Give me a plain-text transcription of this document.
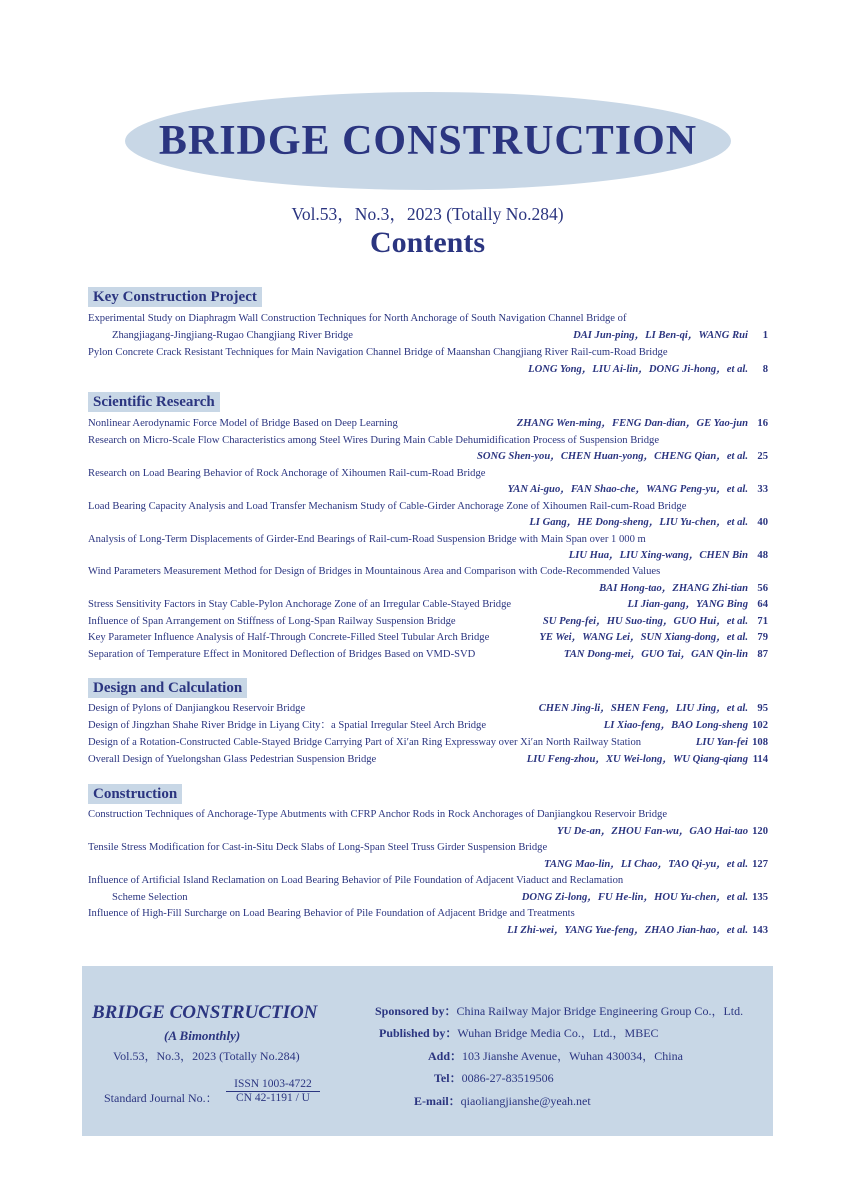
BRIDGE CONSTRUCTION
Vol.53，No.3，2023 (Totally No.284)
Contents
Key Construction Project
Experimental Study on Diaphragm Wall Construction Techniques for North Anchorage of South Navigation Channel Bridge of
Zhangjiagang-Jingjiang-Rugao Changjiang River Bridge	DAI Jun-ping，LI Ben-qi，WANG Rui 1
Pylon Concrete Crack Resistant Techniques for Main Navigation Channel Bridge of Maanshan Changjiang River Rail-cum-Road Bridge
LONG Yong，LIU Ai-lin，DONG Ji-hong，et al. 8
Scientific Research
Nonlinear Aerodynamic Force Model of Bridge Based on Deep Learning	ZHANG Wen-ming，FENG Dan-dian，GE Yao-jun 16
Research on Micro-Scale Flow Characteristics among Steel Wires During Main Cable Dehumidification Process of Suspension Bridge
SONG Shen-you，CHEN Huan-yong，CHENG Qian，et al. 25
Research on Load Bearing Behavior of Rock Anchorage of Xihoumen Rail-cum-Road Bridge
YAN Ai-guo，FAN Shao-che，WANG Peng-yu，et al. 33
Load Bearing Capacity Analysis and Load Transfer Mechanism Study of Cable-Girder Anchorage Zone of Xihoumen Rail-cum-Road Bridge
LI Gang，HE Dong-sheng，LIU Yu-chen，et al. 40
Analysis of Long-Term Displacements of Girder-End Bearings of Rail-cum-Road Suspension Bridge with Main Span over 1 000 m
LIU Hua，LIU Xing-wang，CHEN Bin 48
Wind Parameters Measurement Method for Design of Bridges in Mountainous Area and Comparison with Code-Recommended Values
BAI Hong-tao，ZHANG Zhi-tian 56
Stress Sensitivity Factors in Stay Cable-Pylon Anchorage Zone of an Irregular Cable-Stayed Bridge	LI Jian-gang，YANG Bing 64
Influence of Span Arrangement on Stiffness of Long-Span Railway Suspension Bridge	SU Peng-fei，HU Suo-ting，GUO Hui，et al. 71
Key Parameter Influence Analysis of Half-Through Concrete-Filled Steel Tubular Arch Bridge	YE Wei，WANG Lei，SUN Xiang-dong，et al. 79
Separation of Temperature Effect in Monitored Deflection of Bridges Based on VMD-SVD	TAN Dong-mei，GUO Tai，GAN Qin-lin 87
Design and Calculation
Design of Pylons of Danjiangkou Reservoir Bridge	CHEN Jing-li，SHEN Feng，LIU Jing，et al. 95
Design of Jingzhan Shahe River Bridge in Liyang City：a Spatial Irregular Steel Arch Bridge	LI Xiao-feng，BAO Long-sheng 102
Design of a Rotation-Constructed Cable-Stayed Bridge Carrying Part of Xi′an Ring Expressway over Xi′an North Railway Station	LIU Yan-fei 108
Overall Design of Yuelongshan Glass Pedestrian Suspension Bridge	LIU Feng-zhou，XU Wei-long，WU Qiang-qiang 114
Construction
Construction Techniques of Anchorage-Type Abutments with CFRP Anchor Rods in Rock Anchorages of Danjiangkou Reservoir Bridge
YU De-an，ZHOU Fan-wu，GAO Hai-tao 120
Tensile Stress Modification for Cast-in-Situ Deck Slabs of Long-Span Steel Truss Girder Suspension Bridge
TANG Mao-lin，LI Chao，TAO Qi-yu，et al. 127
Influence of Artificial Island Reclamation on Load Bearing Behavior of Pile Foundation of Adjacent Viaduct and Reclamation
Scheme Selection	DONG Zi-long，FU He-lin，HOU Yu-chen，et al. 135
Influence of High-Fill Surcharge on Load Bearing Behavior of Pile Foundation of Adjacent Bridge and Treatments
LI Zhi-wei，YANG Yue-feng，ZHAO Jian-hao，et al. 143
BRIDGE CONSTRUCTION
(A Bimonthly)
Vol.53，No.3，2023 (Totally No.284)
Standard Journal No.：
ISSN 1003-4722
CN 42-1191 / U
Sponsored by：China Railway Major Bridge Engineering Group Co.，Ltd.
Published by：Wuhan Bridge Media Co.，Ltd.，MBEC
Add：103 Jianshe Avenue，Wuhan 430034，China
Tel：0086-27-83519506
E-mail：qiaoliangjianshe@yeah.net
